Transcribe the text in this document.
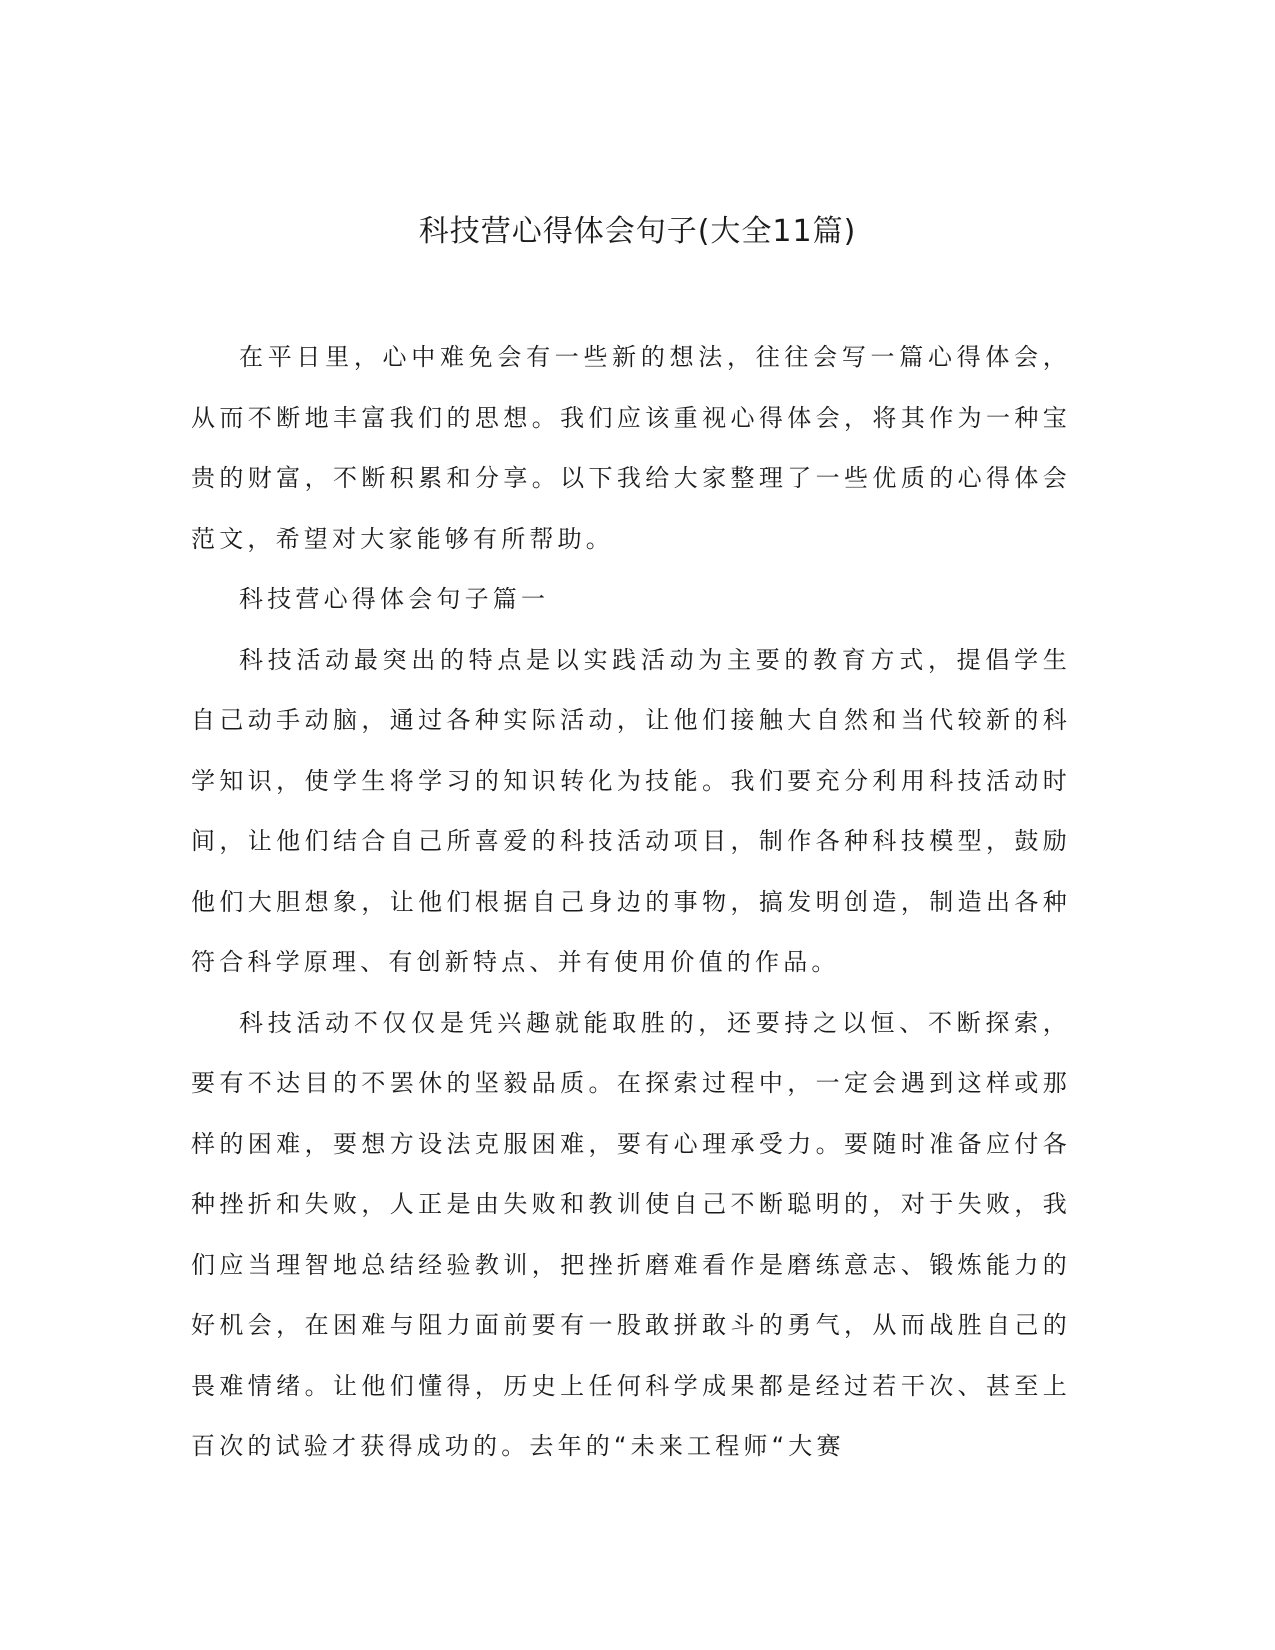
科技营心得体会句子(大全11篇)

在平日里，心中难免会有一些新的想法，往往会写一篇心得体会，从而不断地丰富我们的思想。我们应该重视心得体会，将其作为一种宝贵的财富，不断积累和分享。以下我给大家整理了一些优质的心得体会范文，希望对大家能够有所帮助。

科技营心得体会句子篇一

科技活动最突出的特点是以实践活动为主要的教育方式，提倡学生自己动手动脑，通过各种实际活动，让他们接触大自然和当代较新的科学知识，使学生将学习的知识转化为技能。我们要充分利用科技活动时间，让他们结合自己所喜爱的科技活动项目，制作各种科技模型，鼓励他们大胆想象，让他们根据自己身边的事物，搞发明创造，制造出各种符合科学原理、有创新特点、并有使用价值的作品。

科技活动不仅仅是凭兴趣就能取胜的，还要持之以恒、不断探索，要有不达目的不罢休的坚毅品质。在探索过程中，一定会遇到这样或那样的困难，要想方设法克服困难，要有心理承受力。要随时准备应付各种挫折和失败，人正是由失败和教训使自己不断聪明的，对于失败，我们应当理智地总结经验教训，把挫折磨难看作是磨练意志、锻炼能力的好机会，在困难与阻力面前要有一股敢拼敢斗的勇气，从而战胜自己的畏难情绪。让他们懂得，历史上任何科学成果都是经过若干次、甚至上百次的试验才获得成功的。去年的“未来工程师“大赛
